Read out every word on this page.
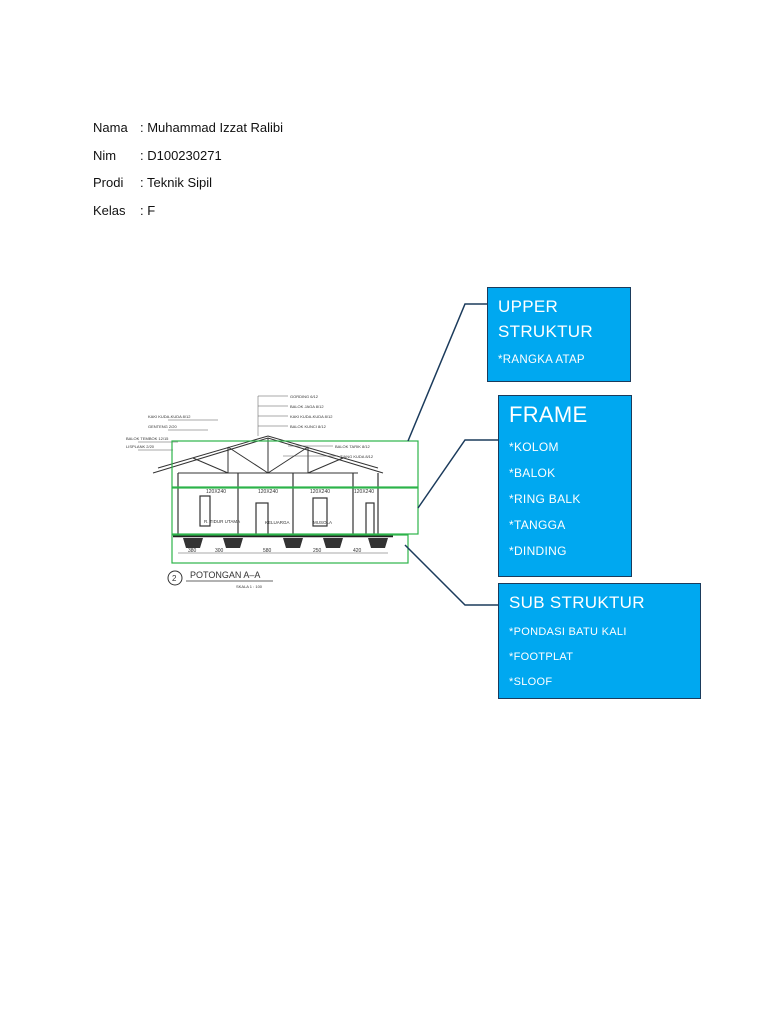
Nama : Muhammad Izzat Ralibi
Nim	: D100230271
Prodi	: Teknik Sipil
Kelas	: F
GORDING 6/12
BALOK JAGA 8/12
KAKI KUDA-KUDA 8/12
BALOK KUNCI 8/12
KAKI KUDA-KUDA 8/12
GENTENG 2/20
BALOK TEMBOK 12/15
LISPLANK 2/20	BALOK TARIK 8/12
TIANG KUDA 8/12
120X240	120X240	120X240	120X240
R. TIDUR UTAMA	KELUARGA	MUSOLA
380	300	580	250	420
2 POTONGAN A–A
SKALA 1 : 100
UPPER
STRUKTUR
*RANGKA ATAP
FRAME
*KOLOM
*BALOK
*RING BALK
*TANGGA
*DINDING
SUB STRUKTUR
*PONDASI BATU KALI
*FOOTPLAT
*SLOOF
